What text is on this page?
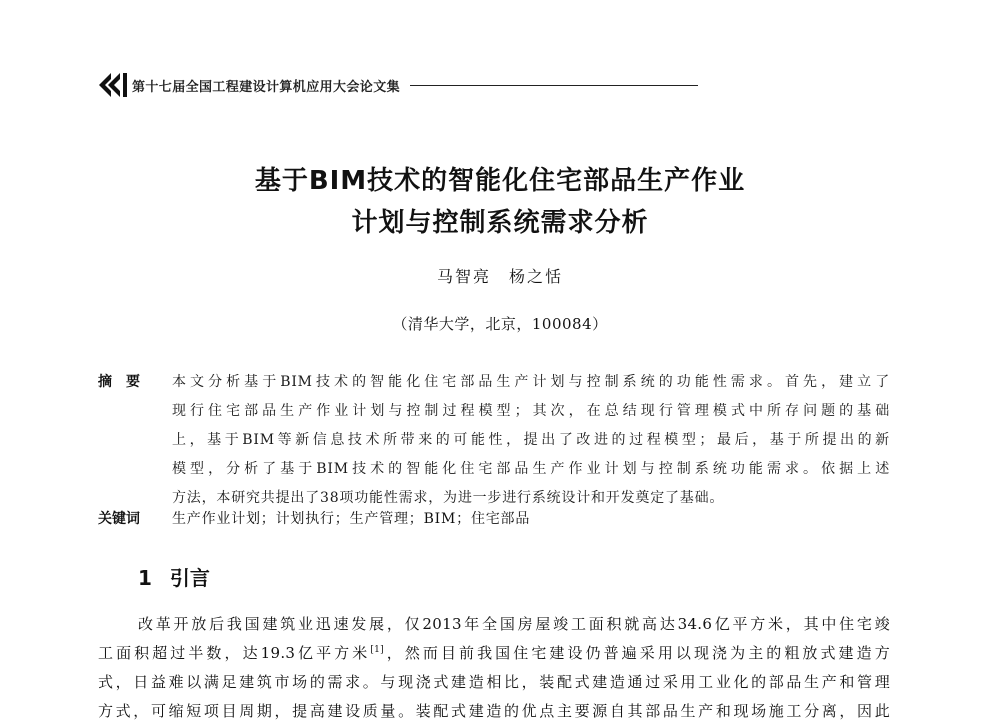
第十七届全国工程建设计算机应用大会论文集
基于BIM技术的智能化住宅部品生产作业
计划与控制系统需求分析
马智亮 杨之恬
（清华大学，北京，100084）
摘要 本文分析基于BIM技术的智能化住宅部品生产计划与控制系统的功能性需求。首先，建立了
现行住宅部品生产作业计划与控制过程模型；其次，在总结现行管理模式中所存问题的基础
上，基于BIM等新信息技术所带来的可能性，提出了改进的过程模型；最后，基于所提出的新
模型，分析了基于BIM技术的智能化住宅部品生产作业计划与控制系统功能需求。依据上述
方法，本研究共提出了38项功能性需求，为进一步进行系统设计和开发奠定了基础。
关键词 生产作业计划；计划执行；生产管理；BIM；住宅部品
1 引言
改革开放后我国建筑业迅速发展，仅2013年全国房屋竣工面积就高达34.6亿平方米，其中住宅竣
工面积超过半数，达19.3亿平方米[1]，然而目前我国住宅建设仍普遍采用以现浇为主的粗放式建造方
式，日益难以满足建筑市场的需求。与现浇式建造相比，装配式建造通过采用工业化的部品生产和管理
方式，可缩短项目周期，提高建设质量。装配式建造的优点主要源自其部品生产和现场施工分离，因此
